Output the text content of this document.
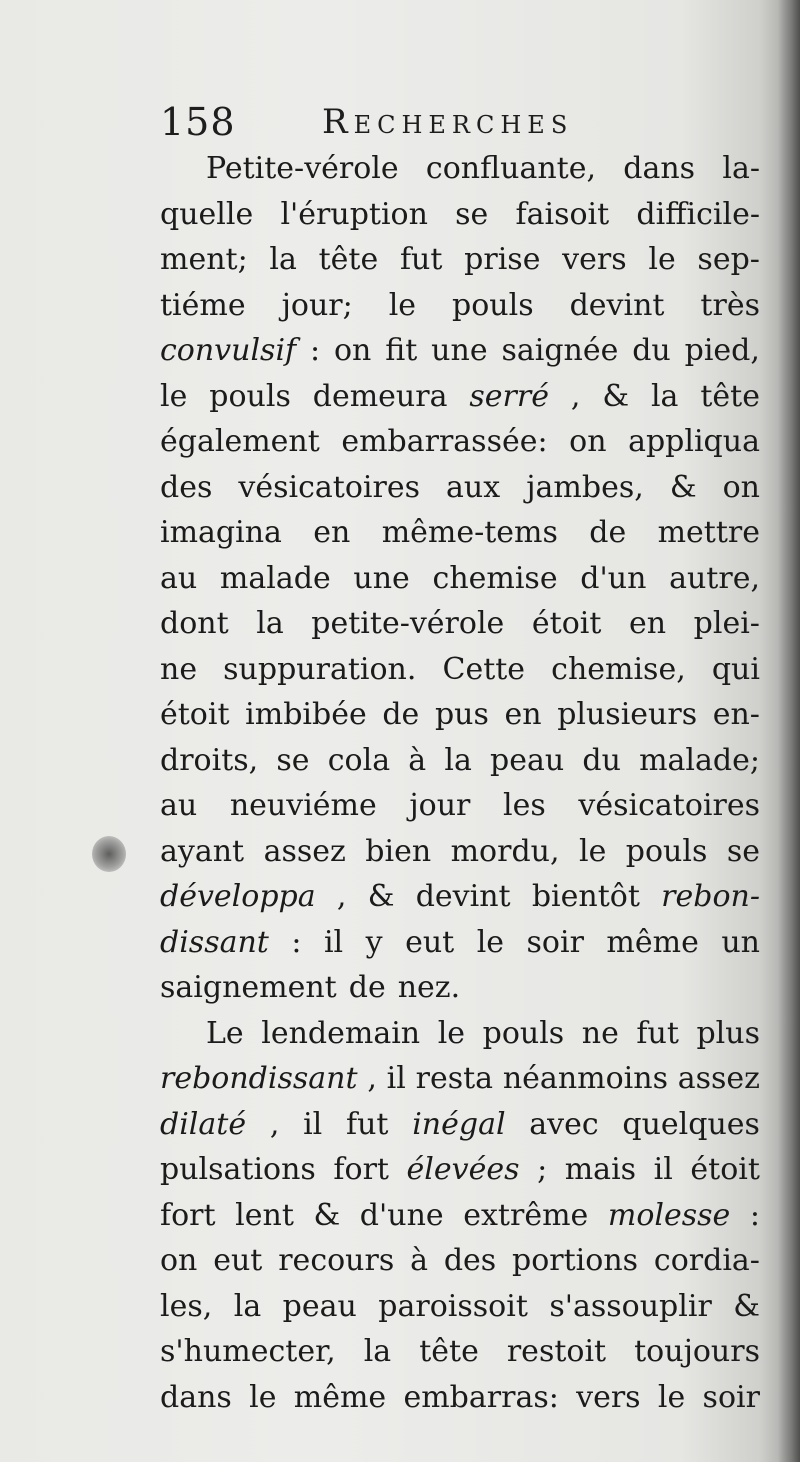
158	Recherches
Petite-vérole confluante, dans la-
quelle l'éruption se faisoit difficile-
ment; la tête fut prise vers le sep-
tiéme jour; le pouls devint très
convulsif : on fit une saignée du pied,
le pouls demeura serré , & la tête
également embarrassée: on appliqua
des vésicatoires aux jambes, & on
imagina en même-tems de mettre
au malade une chemise d'un autre,
dont la petite-vérole étoit en plei-
ne suppuration. Cette chemise, qui
étoit imbibée de pus en plusieurs en-
droits, se cola à la peau du malade;
au neuviéme jour les vésicatoires
ayant assez bien mordu, le pouls se
développa , & devint bientôt rebon-
dissant : il y eut le soir même un
saignement de nez.
Le lendemain le pouls ne fut plus
rebondissant , il resta néanmoins assez
dilaté , il fut inégal avec quelques
pulsations fort élevées ; mais il étoit
fort lent & d'une extrême molesse :
on eut recours à des portions cordia-
les, la peau paroissoit s'assouplir &
s'humecter, la tête restoit toujours
dans le même embarras: vers le soir
